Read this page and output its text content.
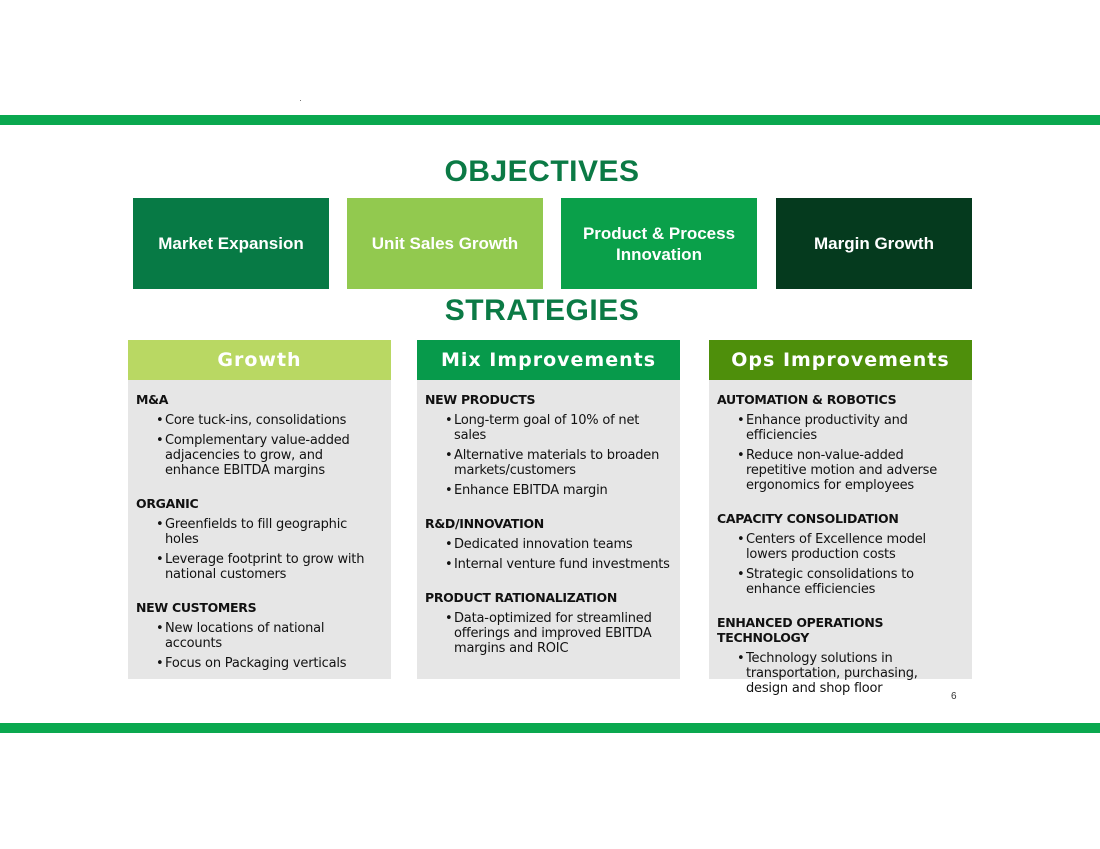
OBJECTIVES
Market Expansion	Unit Sales Growth
Product & Process Innovation
Margin Growth
STRATEGIES
Growth
M&A
• Core tuck-ins, consolidations
• Complementary value-added adjacencies to grow, and enhance EBITDA margins
ORGANIC
• Greenfields to fill geographic holes
• Leverage footprint to grow with national customers
NEW CUSTOMERS
• New locations of national accounts
• Focus on Packaging verticals
Mix Improvements
NEW PRODUCTS
• Long-term goal of 10% of net sales
• Alternative materials to broaden markets/customers
• Enhance EBITDA margin
R&D/INNOVATION
• Dedicated innovation teams
• Internal venture fund investments
PRODUCT RATIONALIZATION
• Data-optimized for streamlined offerings and improved EBITDA margins and ROIC
Ops Improvements
AUTOMATION & ROBOTICS
• Enhance productivity and efficiencies
• Reduce non-value-added repetitive motion and adverse ergonomics for employees
CAPACITY CONSOLIDATION
• Centers of Excellence model lowers production costs
• Strategic consolidations to enhance efficiencies
ENHANCED OPERATIONS TECHNOLOGY
• Technology solutions in transportation, purchasing, design and shop floor
6
